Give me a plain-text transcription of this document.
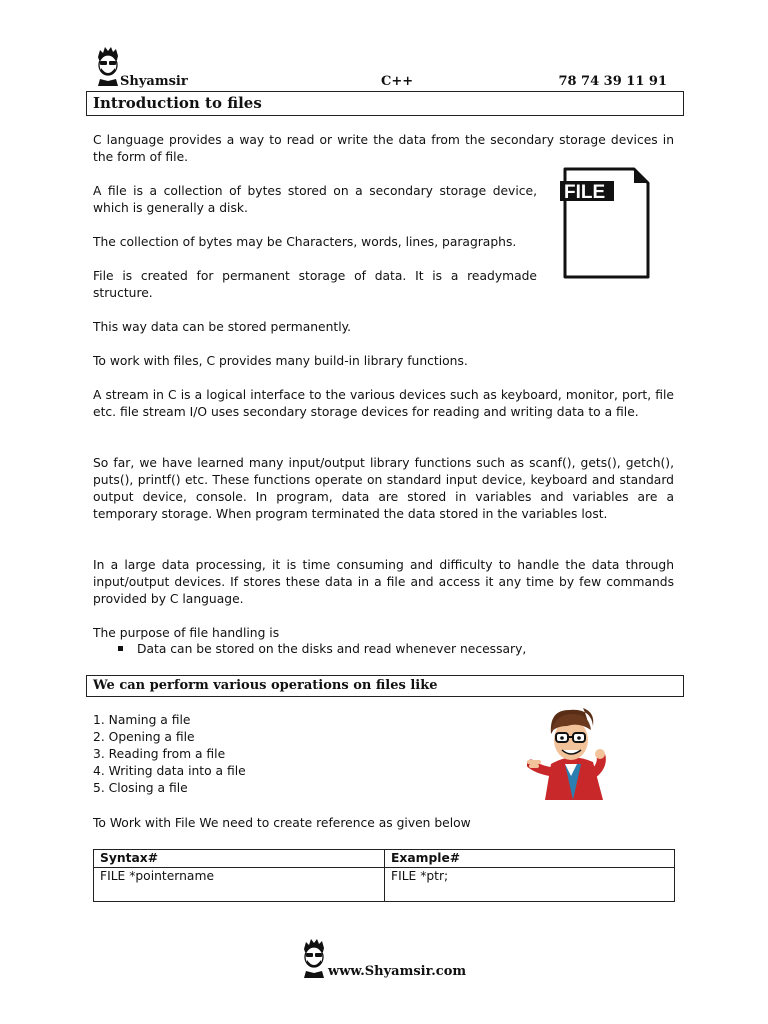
Shyamsir	C++	78 74 39 11 91
Introduction to files

C language provides a way to read or write the data from the secondary storage devices in the form of file.

A file is a collection of bytes stored on a secondary storage device, which is generally a disk.

The collection of bytes may be Characters, words, lines, paragraphs.

File is created for permanent storage of data. It is a readymade structure.

This way data can be stored permanently.

To work with files, C provides many build-in library functions.

A stream in C is a logical interface to the various devices such as keyboard, monitor, port, file etc. file stream I/O uses secondary storage devices for reading and writing data to a file.

So far, we have learned many input/output library functions such as scanf(), gets(), getch(), puts(), printf() etc. These functions operate on standard input device, keyboard and standard output device, console. In program, data are stored in variables and variables are a temporary storage. When program terminated the data stored in the variables lost.

In a large data processing, it is time consuming and difficulty to handle the data through input/output devices. If stores these data in a file and access it any time by few commands provided by C language.

The purpose of file handling is

Data can be stored on the disks and read whenever necessary,
FILE
We can perform various operations on files like
1. Naming a file
2. Opening a file
3. Reading from a file
4. Writing data into a file
5. Closing a file

To Work with File We need to create reference as given below

Syntax#	Example#
FILE *pointername	FILE *ptr;
www.Shyamsir.com
